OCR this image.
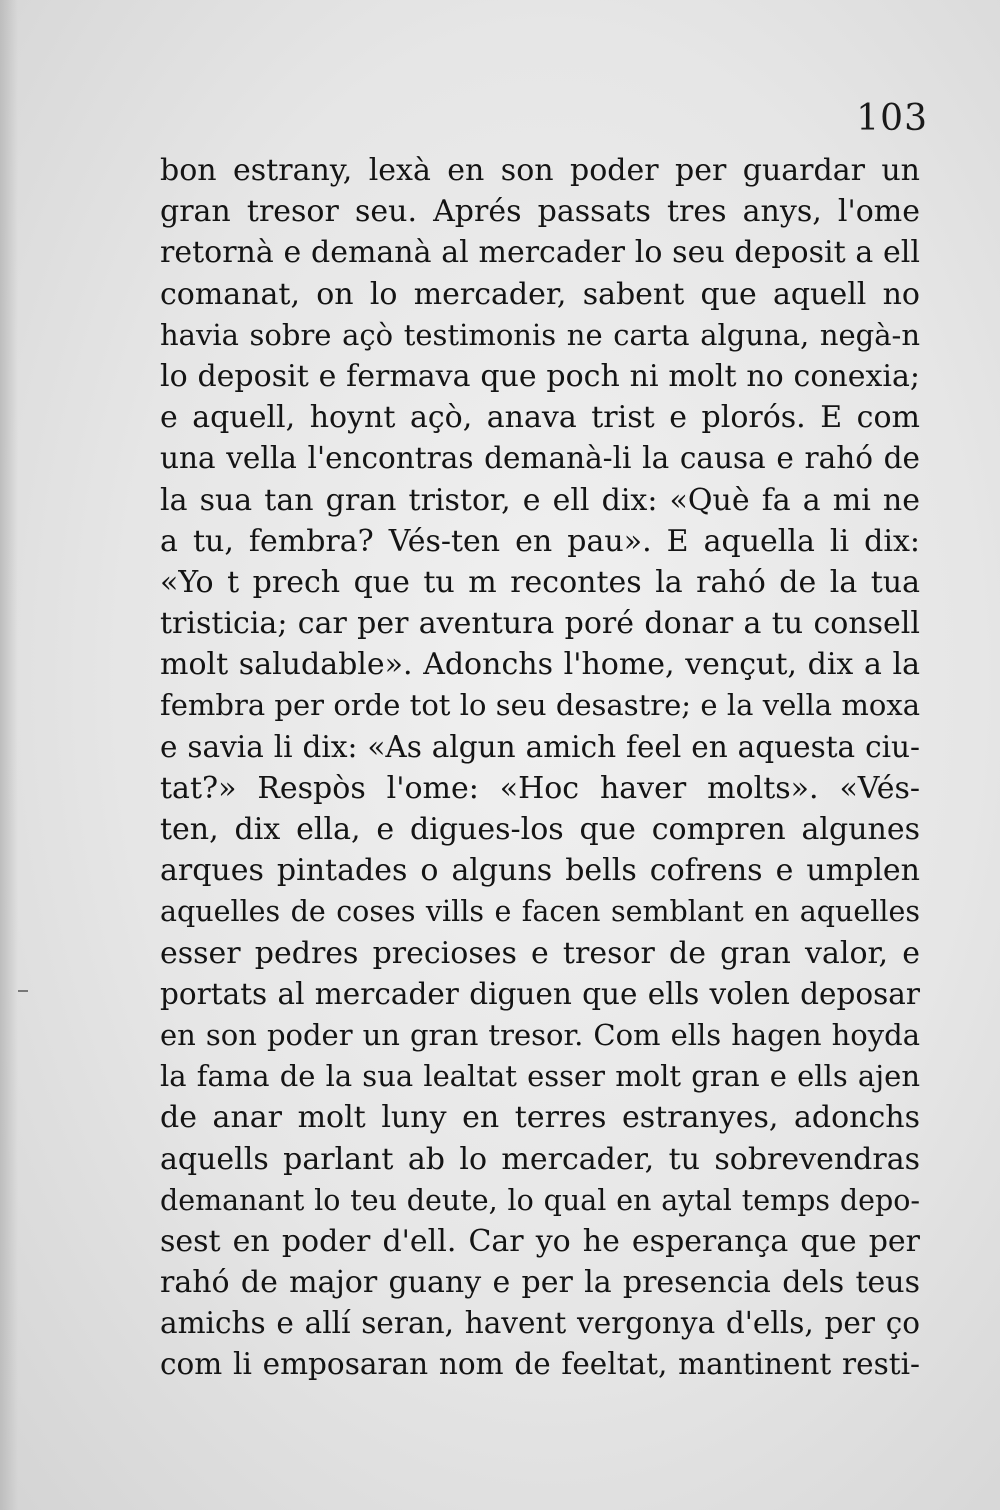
103
bon estrany, lexà en son poder per guardar un
gran tresor seu. Aprés passats tres anys, l'ome
retornà e demanà al mercader lo seu deposit a ell
comanat, on lo mercader, sabent que aquell no
havia sobre açò testimonis ne carta alguna, negà-n
lo deposit e fermava que poch ni molt no conexia;
e aquell, hoynt açò, anava trist e plorós. E com
una vella l'encontras demanà-li la causa e rahó de
la sua tan gran tristor, e ell dix: «Què fa a mi ne
a tu, fembra? Vés-ten en pau». E aquella li dix:
«Yo t prech que tu m recontes la rahó de la tua
tristicia; car per aventura poré donar a tu consell
molt saludable». Adonchs l'home, vençut, dix a la
fembra per orde tot lo seu desastre; e la vella moxa
e savia li dix: «As algun amich feel en aquesta ciu-
tat?» Respòs l'ome: «Hoc haver molts». «Vés-
ten, dix ella, e digues-los que compren algunes
arques pintades o alguns bells cofrens e umplen
aquelles de coses vills e facen semblant en aquelles
esser pedres precioses e tresor de gran valor, e
portats al mercader diguen que ells volen deposar
en son poder un gran tresor. Com ells hagen hoyda
la fama de la sua lealtat esser molt gran e ells ajen
de anar molt luny en terres estranyes, adonchs
aquells parlant ab lo mercader, tu sobrevendras
demanant lo teu deute, lo qual en aytal temps depo-
sest en poder d'ell. Car yo he esperança que per
rahó de major guany e per la presencia dels teus
amichs e allí seran, havent vergonya d'ells, per ço
com li emposaran nom de feeltat, mantinent resti-
